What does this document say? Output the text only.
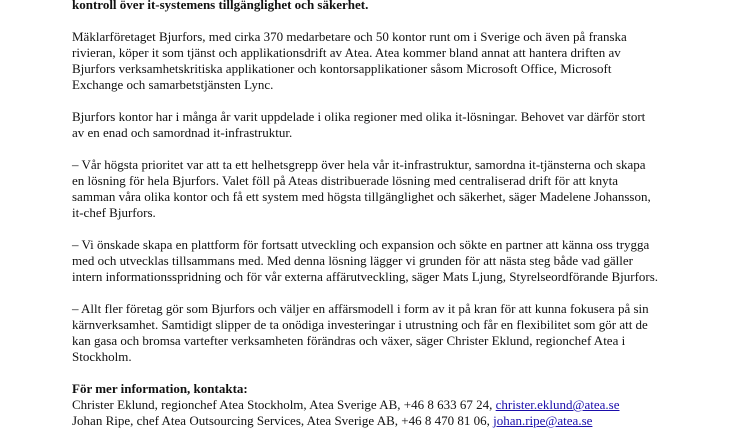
kontroll över it-systemens tillgänglighet och säkerhet.

Mäklarföretaget Bjurfors, med cirka 370 medarbetare och 50 kontor runt om i Sverige och även på franska
rivieran, köper it som tjänst och applikationsdrift av Atea. Atea kommer bland annat att hantera driften av
Bjurfors verksamhetskritiska applikationer och kontorsapplikationer såsom Microsoft Office, Microsoft
Exchange och samarbetstjänsten Lync.
Bjurfors kontor har i många år varit uppdelade i olika regioner med olika it-lösningar. Behovet var därför stort
av en enad och samordnad it-infrastruktur.
– Vår högsta prioritet var att ta ett helhetsgrepp över hela vår it-infrastruktur, samordna it-tjänsterna och skapa
en lösning för hela Bjurfors. Valet föll på Ateas distribuerade lösning med centraliserad drift för att knyta
samman våra olika kontor och få ett system med högsta tillgänglighet och säkerhet, säger Madelene Johansson,
it-chef Bjurfors.
– Vi önskade skapa en plattform för fortsatt utveckling och expansion och sökte en partner att känna oss trygga
med och utvecklas tillsammans med. Med denna lösning lägger vi grunden för att nästa steg både vad gäller
intern informationsspridning och för vår externa affärutveckling, säger Mats Ljung, Styrelseordförande Bjurfors.
– Allt fler företag gör som Bjurfors och väljer en affärsmodell i form av it på kran för att kunna fokusera på sin
kärnverksamhet. Samtidigt slipper de ta onödiga investeringar i utrustning och får en flexibilitet som gör att de
kan gasa och bromsa vartefter verksamheten förändras och växer, säger Christer Eklund, regionchef Atea i
Stockholm.
För mer information, kontakta:
Christer Eklund, regionchef Atea Stockholm, Atea Sverige AB, +46 8 633 67 24, christer.eklund@atea.se
Johan Ripe, chef Atea Outsourcing Services, Atea Sverige AB, +46 8 470 81 06, johan.ripe@atea.se
